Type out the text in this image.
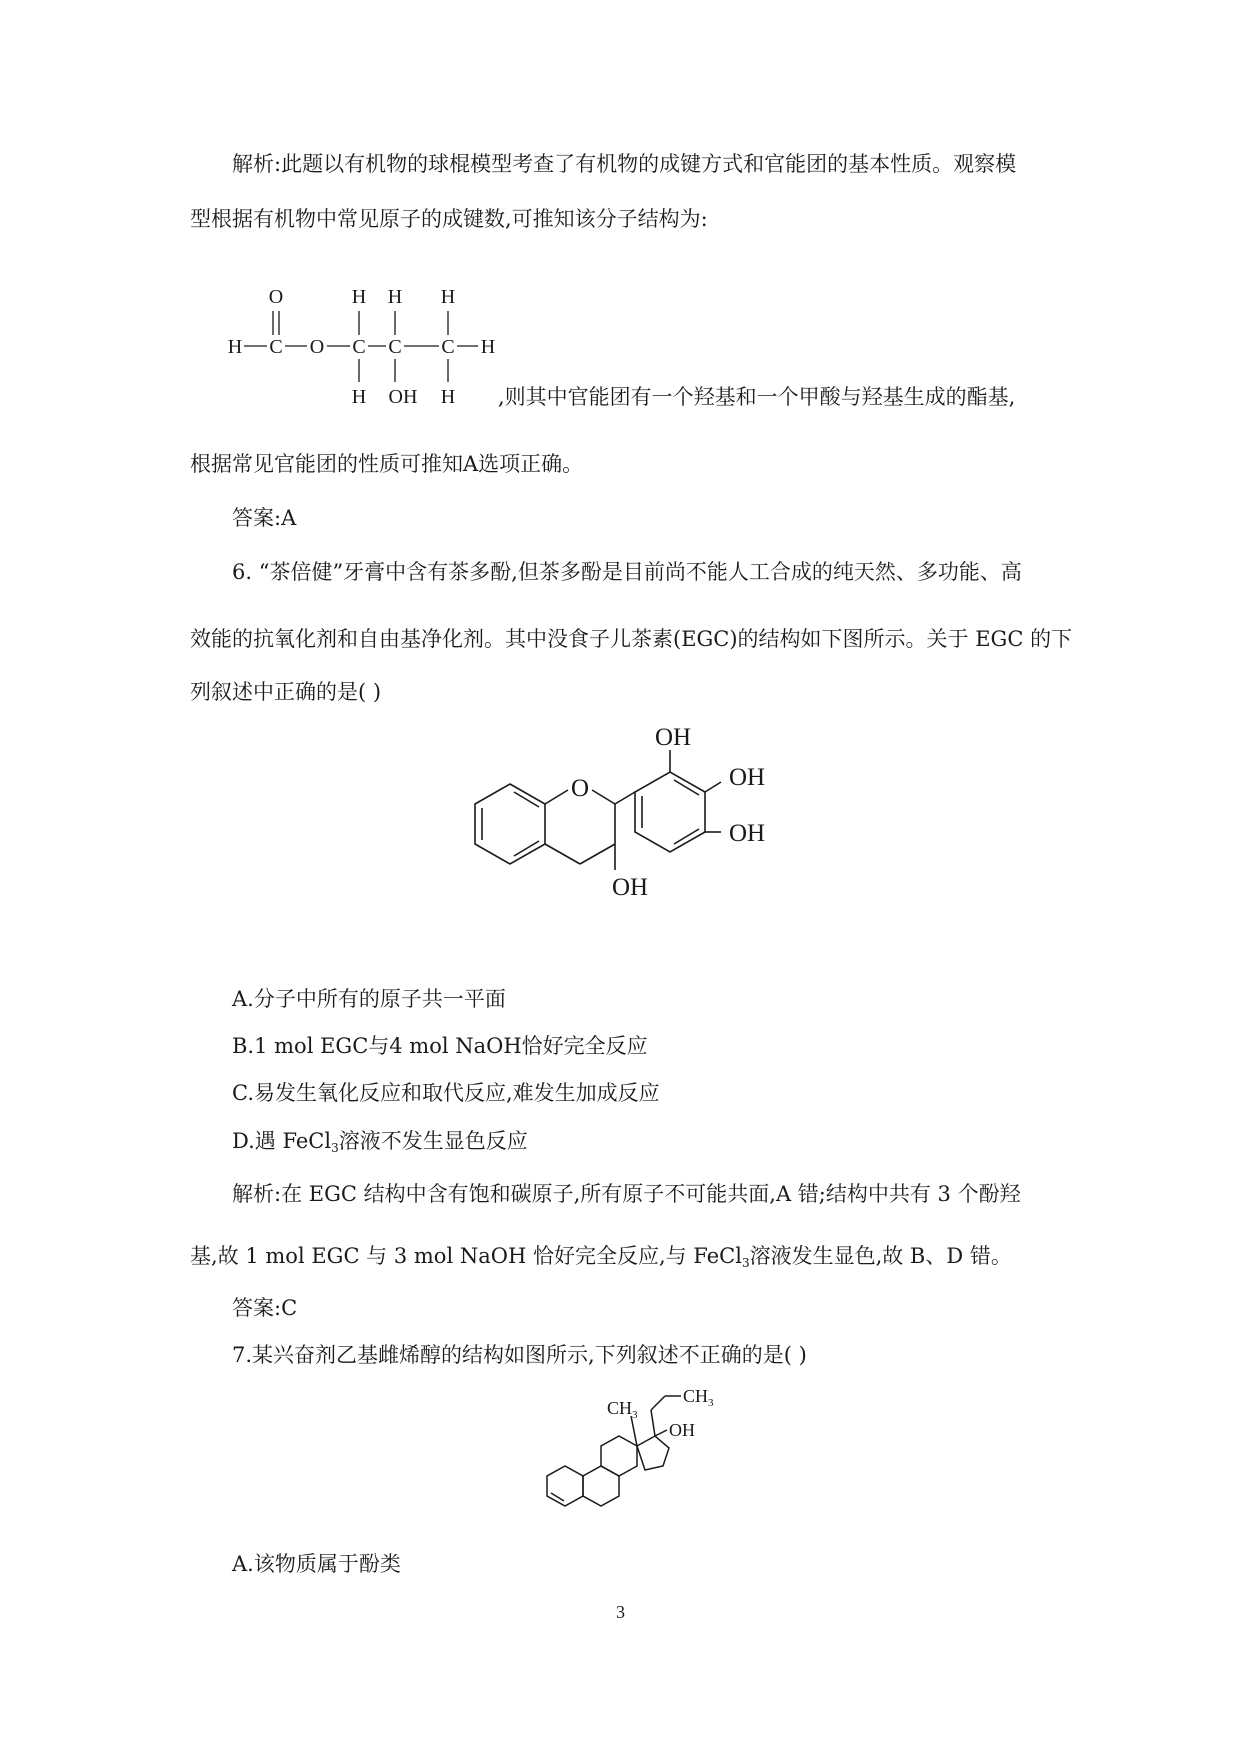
解析:此题以有机物的球棍模型考查了有机物的成键方式和官能团的基本性质。观察模
型根据有机物中常见原子的成键数,可推知该分子结构为:
O	H H H
H C O C C C H
H OH H ,则其中官能团有一个羟基和一个甲酸与羟基生成的酯基,
根据常见官能团的性质可推知A选项正确。
答案:A
6. “茶倍健”牙膏中含有茶多酚,但茶多酚是目前尚不能人工合成的纯天然、多功能、高
效能的抗氧化剂和自由基净化剂。其中没食子儿茶素(EGC)的结构如下图所示。关于 EGC 的下
列叙述中正确的是( )
OH
OH
OH
O
OH
A.分子中所有的原子共一平面
B.1 mol EGC与4 mol NaOH恰好完全反应
C.易发生氧化反应和取代反应,难发生加成反应
D.遇 FeCl$_3$溶液不发生显色反应
解析:在 EGC 结构中含有饱和碳原子,所有原子不可能共面,A 错;结构中共有 3 个酚羟
基,故 1 mol EGC 与 3 mol NaOH 恰好完全反应,与 FeCl$_3$溶液发生显色,故 B、D 错。
答案:C
7.某兴奋剂乙基雌烯醇的结构如图所示,下列叙述不正确的是( )
$CH_3$
$CH_3$
OH
A.该物质属于酚类
3
